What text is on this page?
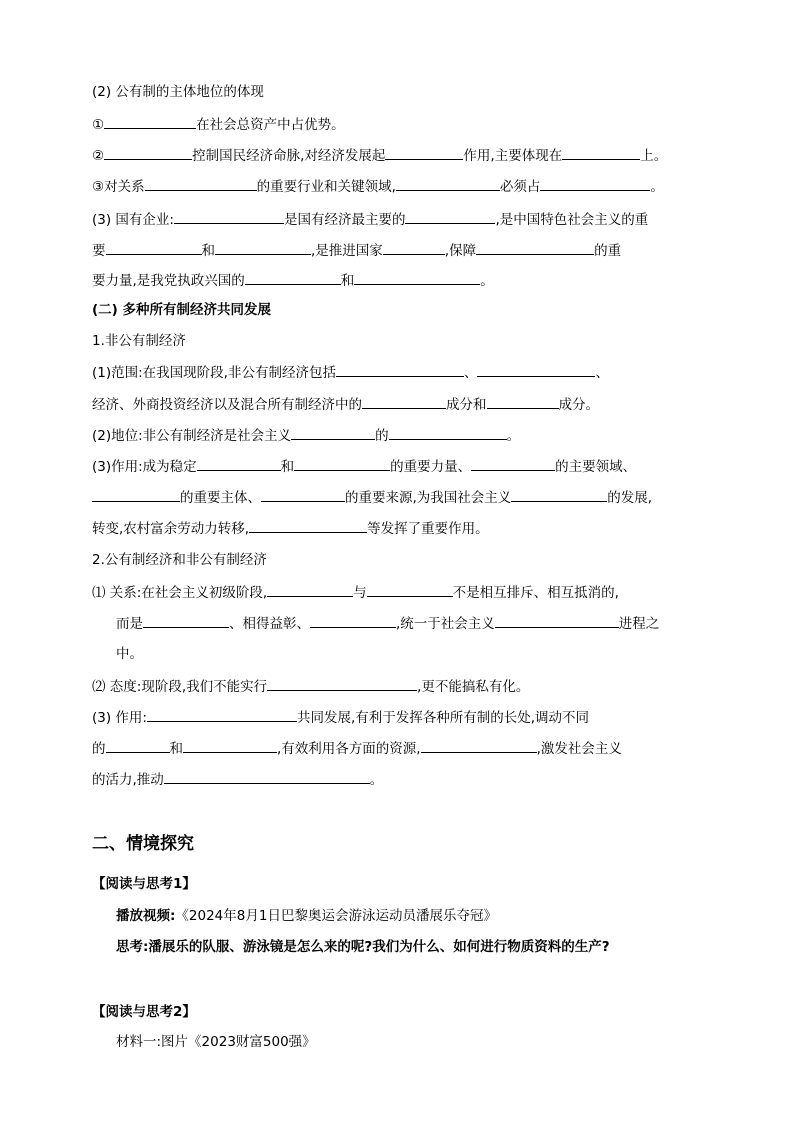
(2) 公有制的主体地位的体现
①	在社会总资产中占优势。
②	控制国民经济命脉,对经济发展起	作用,主要体现在	上。
③对关系	的重要行业和关键领域,	必须占	。
(3) 国有企业:	是国有经济最主要的	,是中国特色社会主义的重
要	和	,是推进国家	,保障	的重
要力量,是我党执政兴国的	和	。
(二) 多种所有制经济共同发展
1.非公有制经济
(1)范围:在我国现阶段,非公有制经济包括	、	、
经济、外商投资经济以及混合所有制经济中的	成分和	成分。
(2)地位:非公有制经济是社会主义	的	。
(3)作用:成为稳定	和	的重要力量、	的主要领域、
的重要主体、	的重要来源,为我国社会主义	的发展,
转变,农村富余劳动力转移,	等发挥了重要作用。
2.公有制经济和非公有制经济
⑴ 关系:在社会主义初级阶段,	与	不是相互排斥、相互抵消的,
而是	、相得益彰、	,统一于社会主义	进程之
中。
⑵ 态度:现阶段,我们不能实行	,更不能搞私有化。
(3) 作用:	共同发展,有利于发挥各种所有制的长处,调动不同
的	和	,有效利用各方面的资源,	,激发社会主义
的活力,推动	。
二、情境探究
【阅读与思考1】
播放视频:《2024年8月1日巴黎奥运会游泳运动员潘展乐夺冠》
思考:潘展乐的队服、游泳镜是怎么来的呢?我们为什么、如何进行物质资料的生产?
【阅读与思考2】
材料一:图片《2023财富500强》
